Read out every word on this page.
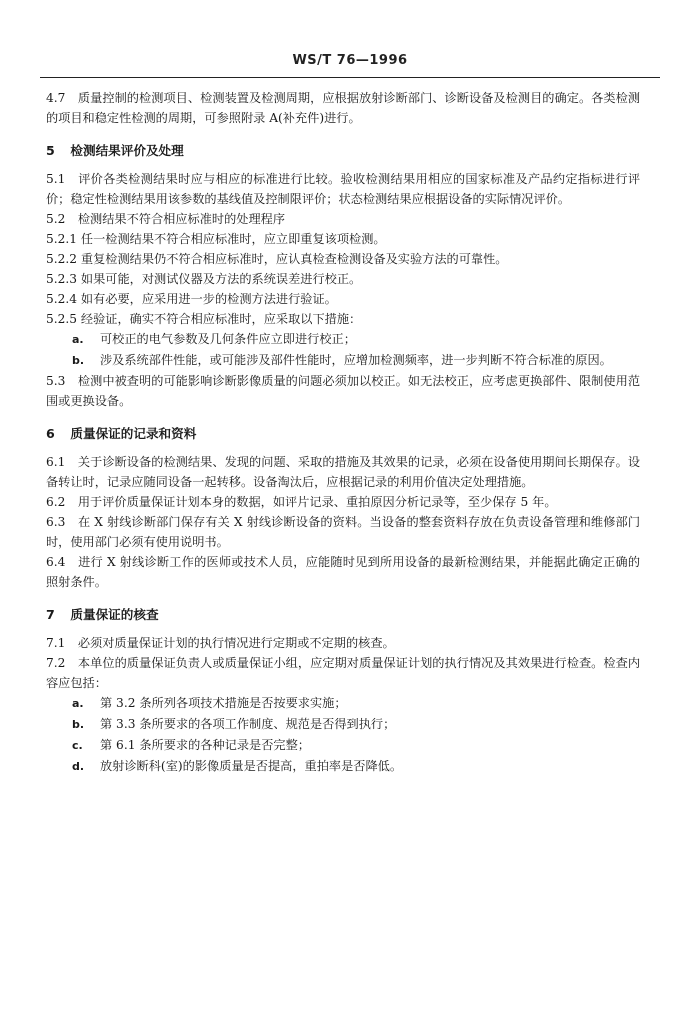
WS/T 76—1996
4.7 质量控制的检测项目、检测装置及检测周期，应根据放射诊断部门、诊断设备及检测目的确定。各类检测的项目和稳定性检测的周期，可参照附录 A(补充件)进行。
5 检测结果评价及处理
5.1 评价各类检测结果时应与相应的标准进行比较。验收检测结果用相应的国家标准及产品约定指标进行评价；稳定性检测结果用该参数的基线值及控制限评价；状态检测结果应根据设备的实际情况评价。
5.2 检测结果不符合相应标准时的处理程序
5.2.1 任一检测结果不符合相应标准时，应立即重复该项检测。
5.2.2 重复检测结果仍不符合相应标准时，应认真检查检测设备及实验方法的可靠性。
5.2.3 如果可能，对测试仪器及方法的系统误差进行校正。
5.2.4 如有必要，应采用进一步的检测方法进行验证。
5.2.5 经验证，确实不符合相应标准时，应采取以下措施：
a. 可校正的电气参数及几何条件应立即进行校正；
b. 涉及系统部件性能，或可能涉及部件性能时，应增加检测频率，进一步判断不符合标准的原因。
5.3 检测中被查明的可能影响诊断影像质量的问题必须加以校正。如无法校正，应考虑更换部件、限制使用范围或更换设备。
6 质量保证的记录和资料
6.1 关于诊断设备的检测结果、发现的问题、采取的措施及其效果的记录，必须在设备使用期间长期保存。设备转让时，记录应随同设备一起转移。设备淘汰后，应根据记录的利用价值决定处理措施。
6.2 用于评价质量保证计划本身的数据，如评片记录、重拍原因分析记录等，至少保存 5 年。
6.3 在 X 射线诊断部门保存有关 X 射线诊断设备的资料。当设备的整套资料存放在负责设备管理和维修部门时，使用部门必须有使用说明书。
6.4 进行 X 射线诊断工作的医师或技术人员，应能随时见到所用设备的最新检测结果，并能据此确定正确的照射条件。
7 质量保证的核查
7.1 必须对质量保证计划的执行情况进行定期或不定期的核查。
7.2 本单位的质量保证负责人或质量保证小组，应定期对质量保证计划的执行情况及其效果进行检查。检查内容应包括：
a. 第 3.2 条所列各项技术措施是否按要求实施；
b. 第 3.3 条所要求的各项工作制度、规范是否得到执行；
c. 第 6.1 条所要求的各种记录是否完整；
d. 放射诊断科(室)的影像质量是否提高，重拍率是否降低。
